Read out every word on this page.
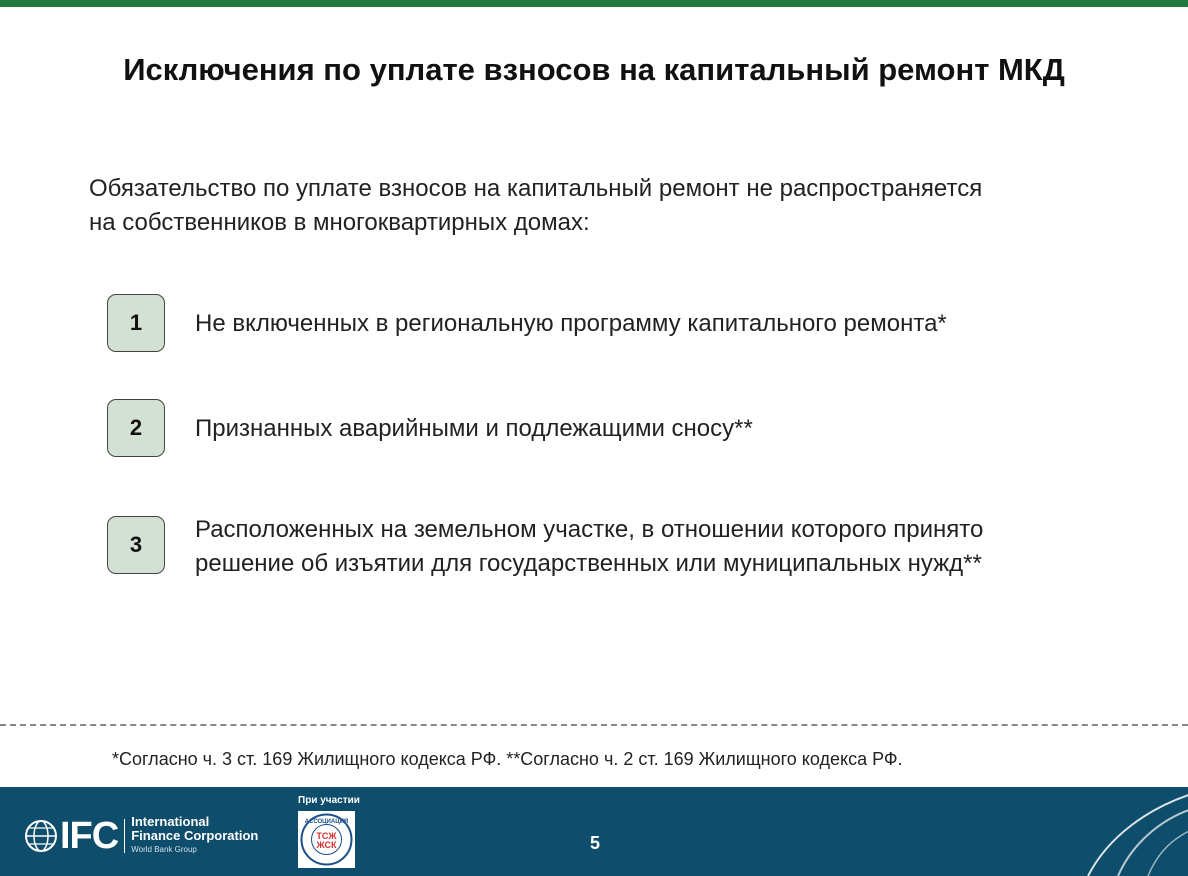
Исключения по уплате взносов на капитальный ремонт МКД
Обязательство по уплате взносов на капитальный ремонт не распространяется
на собственников в многоквартирных домах:
1	Не включенных в региональную программу капитального ремонта*
2	Признанных аварийными и подлежащими сносу**
3
Расположенных на земельном участке, в отношении которого принято
решение об изъятии для государственных или муниципальных нужд**
*Согласно ч. 3 ст. 169 Жилищного кодекса РФ. **Согласно ч. 2 ст. 169 Жилищного кодекса РФ.
IFC International
Finance Corporation
World Bank Group
При участии
АССОЦИАЦИЯ
ТСЖ
ЖСК	5
